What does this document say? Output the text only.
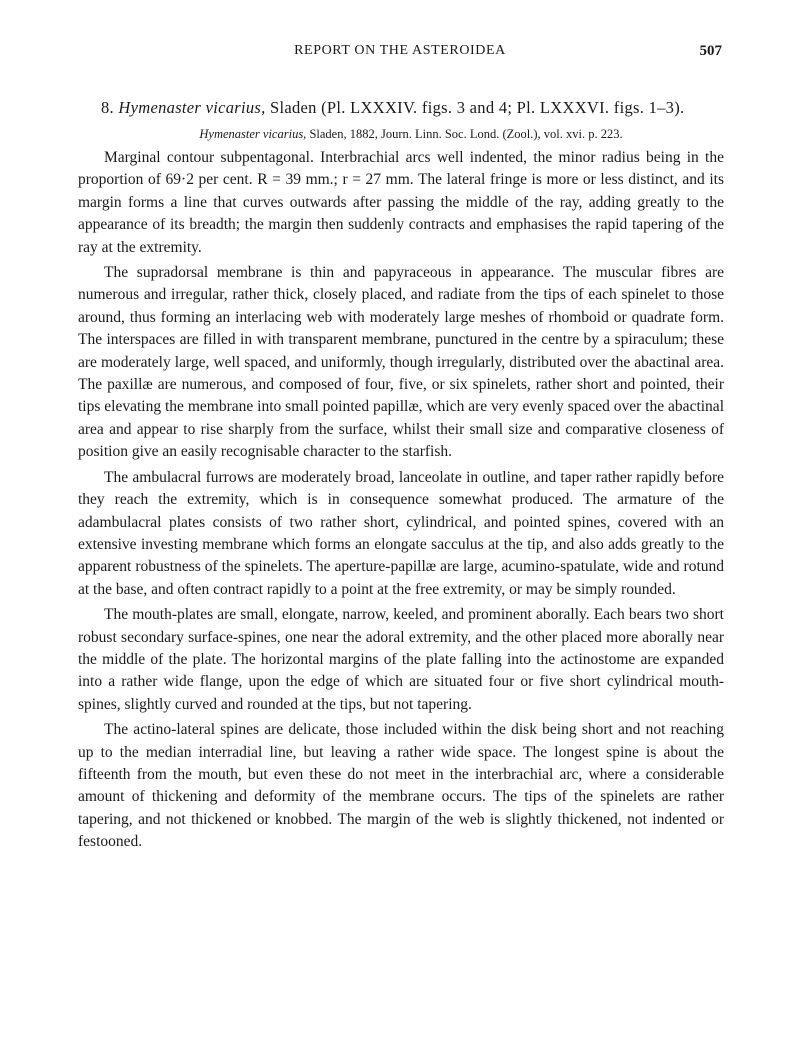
REPORT ON THE ASTEROIDEA	507

8. Hymenaster vicarius, Sladen (Pl. LXXXIV. figs. 3 and 4; Pl. LXXXVI. figs. 1–3).

Hymenaster vicarius, Sladen, 1882, Journ. Linn. Soc. Lond. (Zool.), vol. xvi. p. 223.

Marginal contour subpentagonal. Interbrachial arcs well indented, the minor radius being in the proportion of 69·2 per cent. R = 39 mm.; r = 27 mm. The lateral fringe is more or less distinct, and its margin forms a line that curves outwards after passing the middle of the ray, adding greatly to the appearance of its breadth; the margin then suddenly contracts and emphasises the rapid tapering of the ray at the extremity.

The supradorsal membrane is thin and papyraceous in appearance. The muscular fibres are numerous and irregular, rather thick, closely placed, and radiate from the tips of each spinelet to those around, thus forming an interlacing web with moderately large meshes of rhomboid or quadrate form. The interspaces are filled in with transparent membrane, punctured in the centre by a spiraculum; these are moderately large, well spaced, and uniformly, though irregularly, distributed over the abactinal area. The paxillæ are numerous, and composed of four, five, or six spinelets, rather short and pointed, their tips elevating the membrane into small pointed papillæ, which are very evenly spaced over the abactinal area and appear to rise sharply from the surface, whilst their small size and comparative closeness of position give an easily recognisable character to the starfish.

The ambulacral furrows are moderately broad, lanceolate in outline, and taper rather rapidly before they reach the extremity, which is in consequence somewhat produced. The armature of the adambulacral plates consists of two rather short, cylindrical, and pointed spines, covered with an extensive investing membrane which forms an elongate sacculus at the tip, and also adds greatly to the apparent robustness of the spinelets. The aperture-papillæ are large, acumino-spatulate, wide and rotund at the base, and often contract rapidly to a point at the free extremity, or may be simply rounded.

The mouth-plates are small, elongate, narrow, keeled, and prominent aborally. Each bears two short robust secondary surface-spines, one near the adoral extremity, and the other placed more aborally near the middle of the plate. The horizontal margins of the plate falling into the actinostome are expanded into a rather wide flange, upon the edge of which are situated four or five short cylindrical mouth-spines, slightly curved and rounded at the tips, but not tapering.

The actino-lateral spines are delicate, those included within the disk being short and not reaching up to the median interradial line, but leaving a rather wide space. The longest spine is about the fifteenth from the mouth, but even these do not meet in the interbrachial arc, where a considerable amount of thickening and deformity of the membrane occurs. The tips of the spinelets are rather tapering, and not thickened or knobbed. The margin of the web is slightly thickened, not indented or festooned.
